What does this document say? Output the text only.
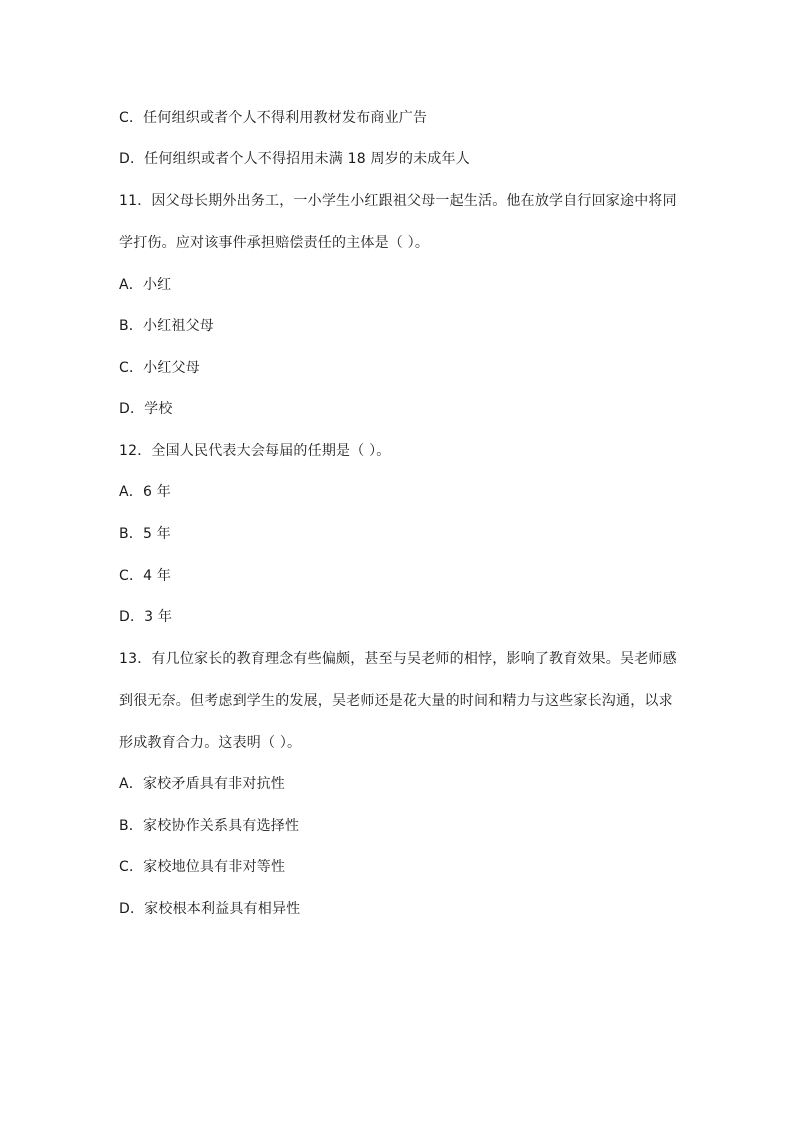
C．任何组织或者个人不得利用教材发布商业广告
D．任何组织或者个人不得招用未满 18 周岁的未成年人
11．因父母长期外出务工，一小学生小红跟祖父母一起生活。他在放学自行回家途中将同
学打伤。应对该事件承担赔偿责任的主体是（ ）。
A．小红
B．小红祖父母
C．小红父母
D．学校
12．全国人民代表大会每届的任期是（ ）。
A．6 年
B．5 年
C．4 年
D．3 年
13．有几位家长的教育理念有些偏颇，甚至与吴老师的相悖，影响了教育效果。吴老师感
到很无奈。但考虑到学生的发展，吴老师还是花大量的时间和精力与这些家长沟通，以求
形成教育合力。这表明（ ）。
A．家校矛盾具有非对抗性
B．家校协作关系具有选择性
C．家校地位具有非对等性
D．家校根本利益具有相异性
